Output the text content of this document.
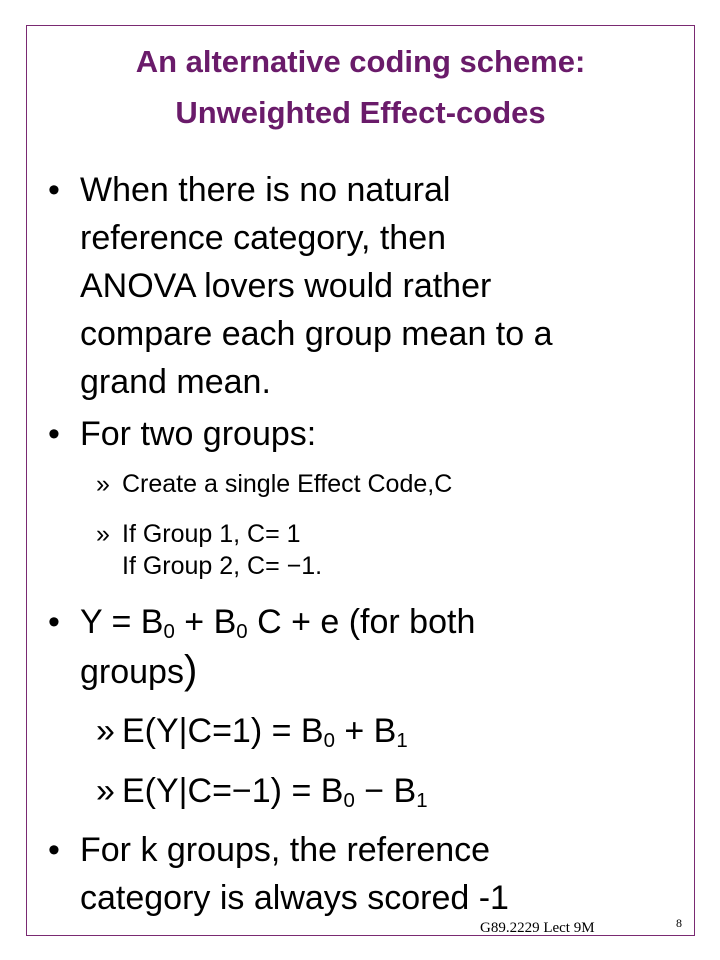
An alternative coding scheme:
Unweighted Effect-codes
• When there is no natural
reference category, then
ANOVA lovers would rather
compare each group mean to a
grand mean.
• For two groups:
» Create a single Effect Code,C
» If Group 1, C= 1
If Group 2, C= −1.
• $Y = B_0 + B_0$ C + e (for both
groups)
» $E(Y|C=1) = B_0 + B_1$
» $E(Y|C=-1) = B_0 - B_1$
• For k groups, the reference
category is always scored -1
G89.2229 Lect 9M	8
